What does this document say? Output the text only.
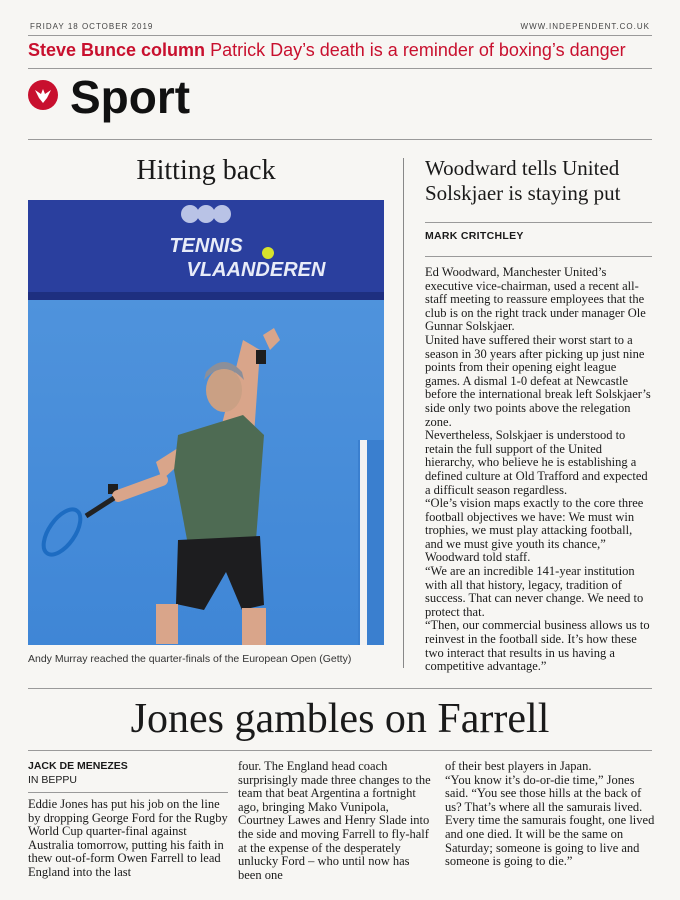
FRIDAY 18 OCTOBER 2019	WWW.INDEPENDENT.CO.UK
Steve Bunce column Patrick Day’s death is a reminder of boxing’s danger
Sport
Hitting back
TENNIS
VLAANDEREN
Andy Murray reached the quarter-finals of the European Open (Getty)
Woodward tells United Solskjaer is staying put
MARK CRITCHLEY

Ed Woodward, Manchester United’s executive vice-chairman, used a recent all-staff meeting to reassure employees that the club is on the right track under manager Ole Gunnar Solskjaer.

United have suffered their worst start to a season in 30 years after picking up just nine points from their opening eight league games. A dismal 1-0 defeat at Newcastle before the international break left Solskjaer’s side only two points above the relegation zone.

Nevertheless, Solskjaer is understood to retain the full support of the United hierarchy, who believe he is establishing a defined culture at Old Trafford and expected a difficult season regardless.

“Ole’s vision maps exactly to the core three football objectives we have: We must win trophies, we must play attacking football, and we must give youth its chance,” Woodward told staff.

“We are an incredible 141-year institution with all that history, legacy, tradition of success. That can never change. We need to protect that.

“Then, our commercial business allows us to reinvest in the football side. It’s how these two interact that results in us having a competitive advantage.”

Jones gambles on Farrell
JACK DE MENEZES
IN BEPPU

Eddie Jones has put his job on the line by dropping George Ford for the Rugby World Cup quarter-final against Australia tomorrow, putting his faith in thew out-of-form Owen Farrell to lead England into the last

four. The England head coach surprisingly made three changes to the team that beat Argentina a fortnight ago, bringing Mako Vunipola, Courtney Lawes and Henry Slade into the side and moving Farrell to fly-half at the expense of the desperately unlucky Ford – who until now has been one

of their best players in Japan.

“You know it’s do-or-die time,” Jones said. “You see those hills at the back of us? That’s where all the samurais lived. Every time the samurais fought, one lived and one died. It will be the same on Saturday; someone is going to live and someone is going to die.”
